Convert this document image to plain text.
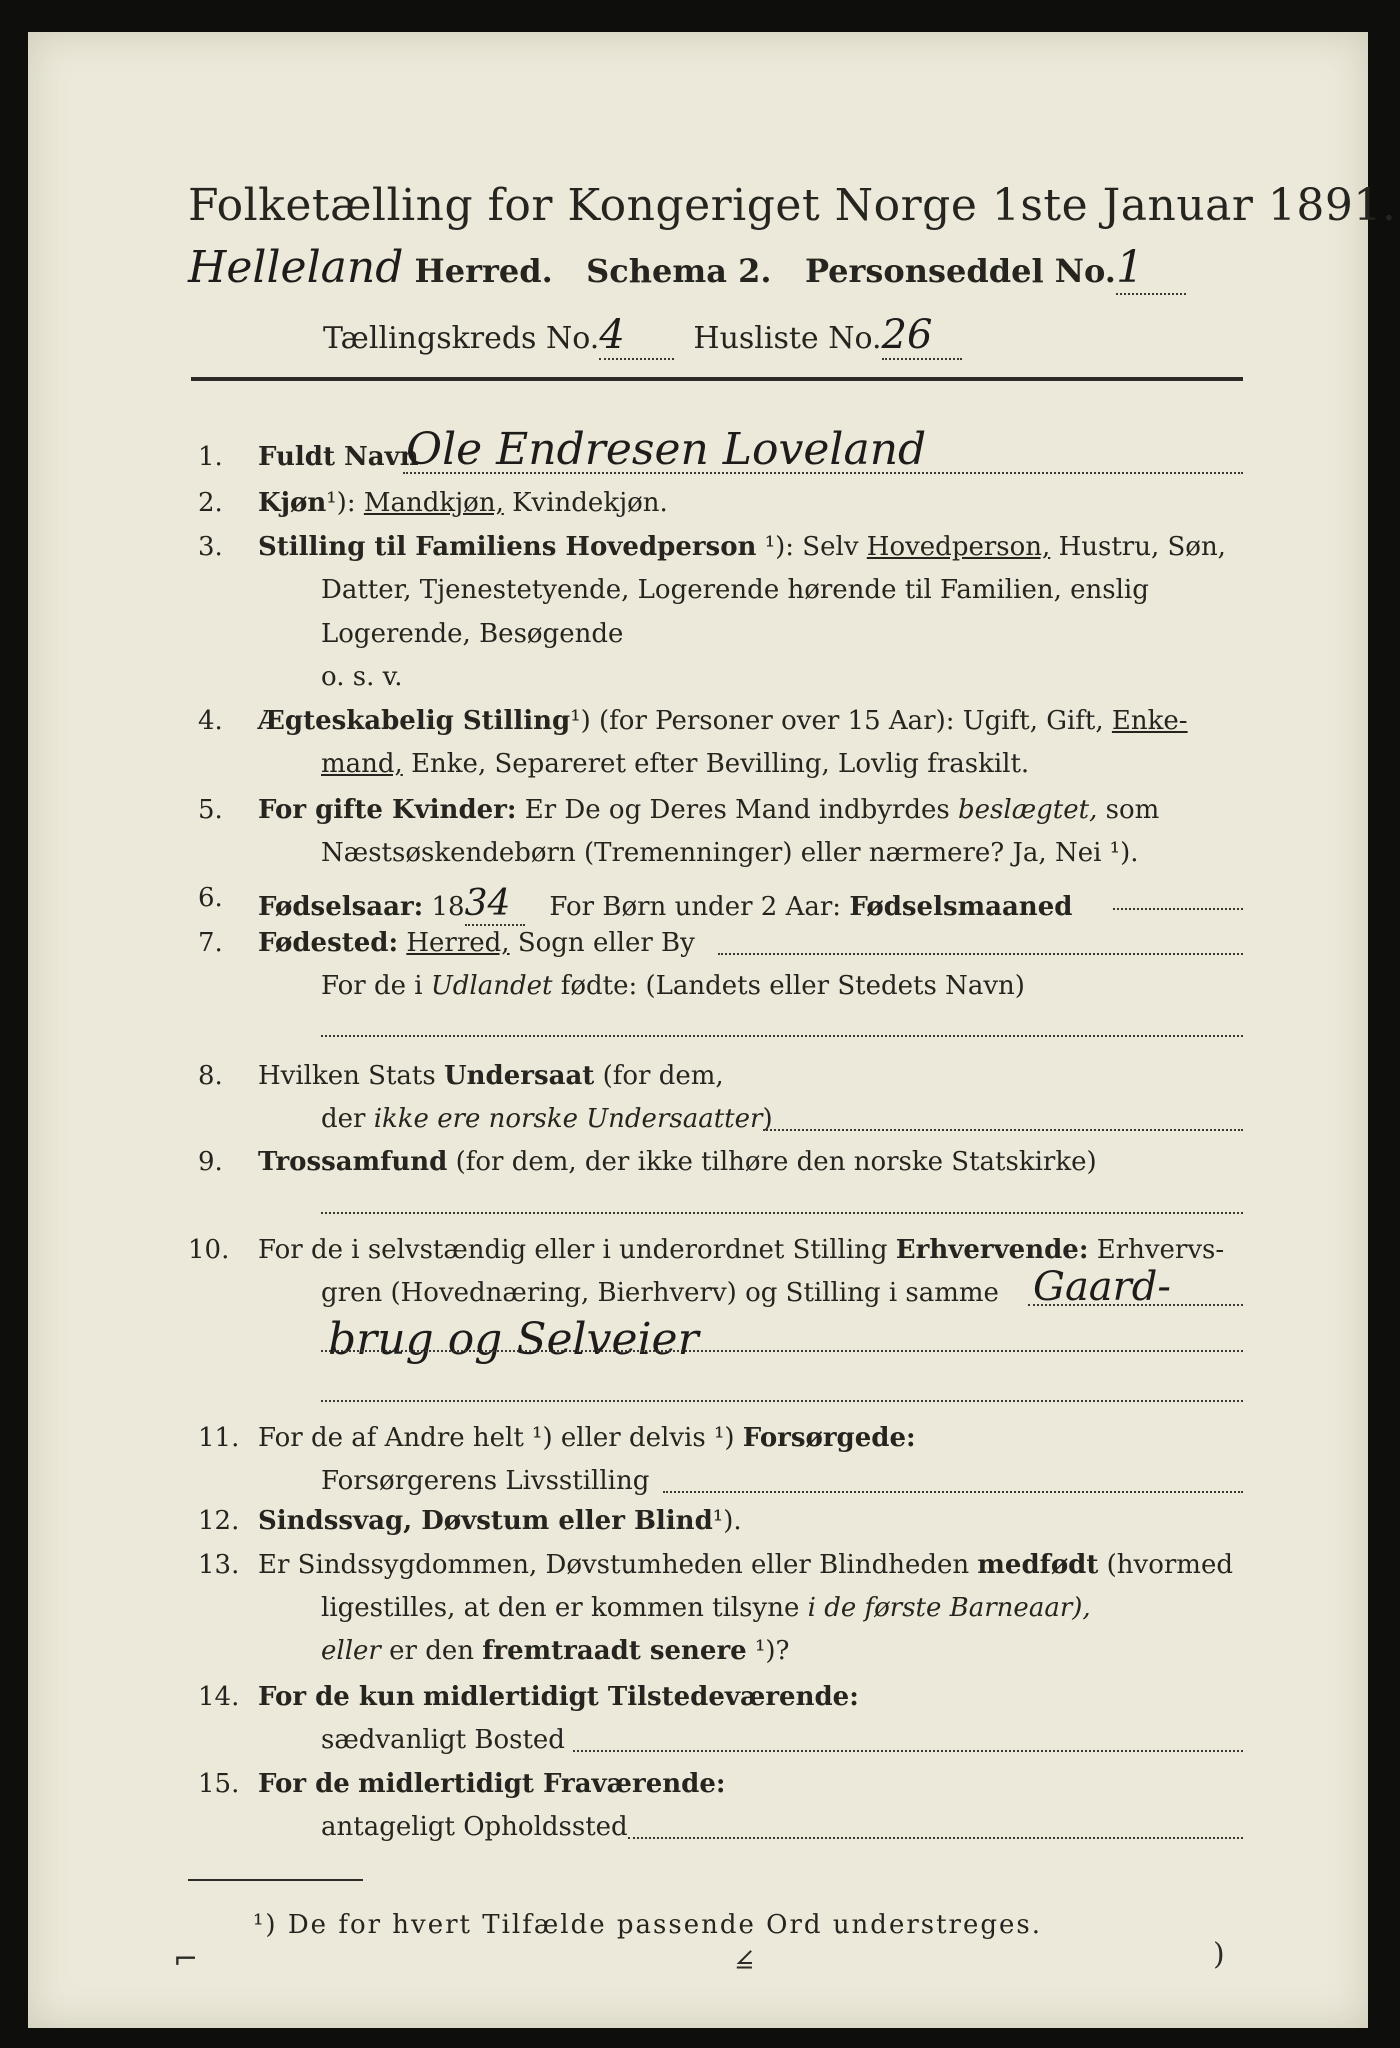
Folketælling for Kongeriget Norge 1ste Januar 1891.
Helleland Herred. Schema 2. Personseddel No.1
Tællingskreds No.4 Husliste No.26
1. Fuldt Navn
Ole Endresen Loveland
2. Kjøn¹): Mandkjøn, Kvindekjøn.
3. Stilling til Familiens Hovedperson ¹): Selv Hovedperson, Hustru, Søn,
Datter, Tjenestetyende, Logerende hørende til Familien, enslig
Logerende, Besøgende
o. s. v.
4. Ægteskabelig Stilling¹) (for Personer over 15 Aar): Ugift, Gift, Enke-
mand, Enke, Separeret efter Bevilling, Lovlig fraskilt.
5. For gifte Kvinder: Er De og Deres Mand indbyrdes beslægtet, som
Næstsøskendebørn (Tremenninger) eller nærmere? Ja, Nei ¹).
6. Fødselsaar: 1834 For Børn under 2 Aar: Fødselsmaaned
7. Fødested: Herred, Sogn eller By
For de i Udlandet fødte: (Landets eller Stedets Navn)
8. Hvilken Stats Undersaat (for dem,
der ikke ere norske Undersaatter)
9. Trossamfund (for dem, der ikke tilhøre den norske Statskirke)
10. For de i selvstændig eller i underordnet Stilling Erhvervende: Erhvervs-
gren (Hovednæring, Bierhverv) og Stilling i samme Gaard-
brug og Selveier
11. For de af Andre helt ¹) eller delvis ¹) Forsørgede:
Forsørgerens Livsstilling
12. Sindssvag, Døvstum eller Blind¹).
13. Er Sindssygdommen, Døvstumheden eller Blindheden medfødt (hvormed
ligestilles, at den er kommen tilsyne i de første Barneaar),
eller er den fremtraadt senere ¹)?
14. For de kun midlertidigt Tilstedeværende:
sædvanligt Bosted
15. For de midlertidigt Fraværende:
antageligt Opholdssted
¹) De for hvert Tilfælde passende Ord understreges.
⌐	⦤	)
